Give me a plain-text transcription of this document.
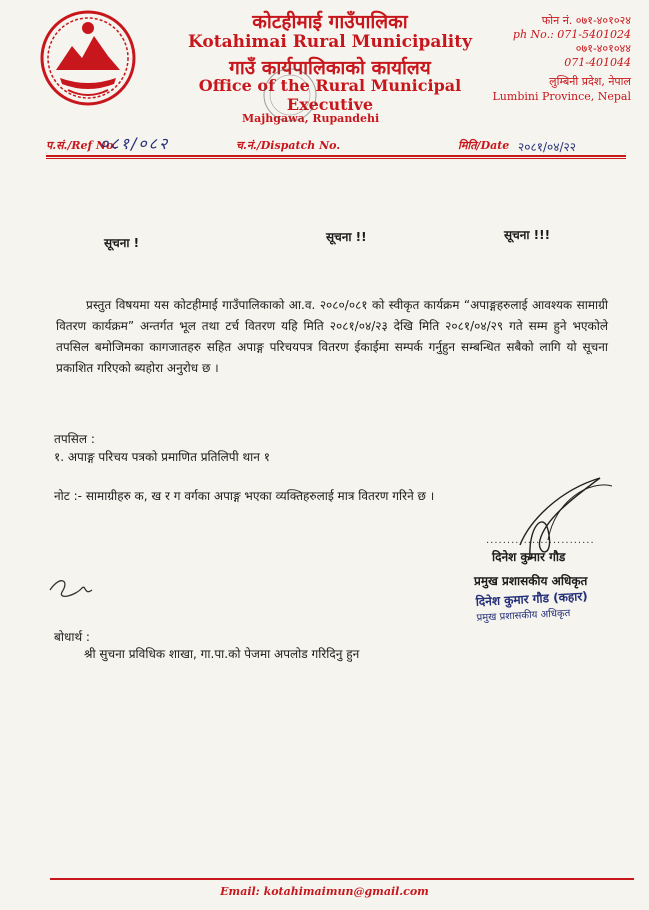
कोटहीमाई गाउँपालिका
Kotahimai Rural Municipality
गाउँ कार्यपालिकाको कार्यालय
Office of the Rural Municipal Executive
Majhgawa, Rupandehi
फोन नं. ०७१-४०१०२४
ph No.: 071-5401024
०७१-४०१०४४
071-401044
लुम्बिनी प्रदेश, नेपाल
Lumbini Province, Nepal
प.सं./Ref No.
०८१/०८२	च.नं./Dispatch No.	मिति/Date २०८१/०४/२२
सूचना !	सूचना !!	सूचना !!!
प्रस्तुत विषयमा यस कोटहीमाई गाउँपालिकाको आ.व. २०८०/०८१ को स्वीकृत कार्यक्रम “अपाङ्गहरुलाई आवश्यक सामाग्री वितरण कार्यक्रम” अन्तर्गत भूल तथा टर्च वितरण यहि मिति २०८१/०४/२३ देखि मिति २०८१/०४/२९ गते सम्म हुने भएकोले तपसिल बमोजिमका कागजातहरु सहित अपाङ्ग परिचयपत्र वितरण ईकाईमा सम्पर्क गर्नुहुन सम्बन्धित सबैको लागि यो सूचना प्रकाशित गरिएको ब्यहोरा अनुरोध छ ।
तपसिल :
१. अपाङ्ग परिचय पत्रको प्रमाणित प्रतिलिपी थान १
नोट :- सामाग्रीहरु क, ख र ग वर्गका अपाङ्ग भएका व्यक्तिहरुलाई मात्र वितरण गरिने छ ।
..........................
दिनेश कुमार गौड
प्रमुख प्रशासकीय अधिकृत
दिनेश कुमार गौड (कहार)
प्रमुख प्रशासकीय अधिकृत
बोधार्थ :
श्री सुचना प्रविधिक शाखा, गा.पा.को पेजमा अपलोड गरिदिनु हुन
Email: kotahimaimun@gmail.com
